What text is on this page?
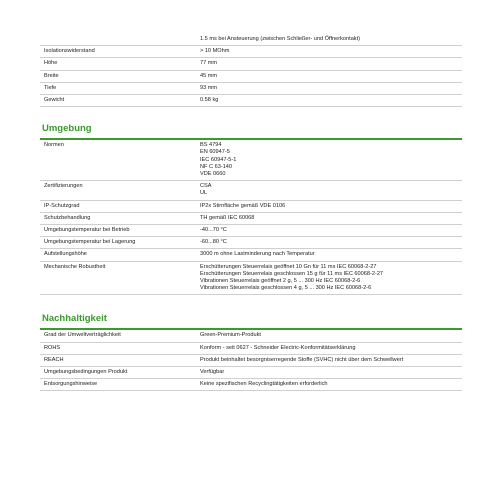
1.5 ms bei Ansteuerung (zwischen Schließer- und Öffnerkontakt)
Isolationswiderstand	> 10 MOhm
Höhe	77 mm
Breite	45 mm
Tiefe	93 mm
Gewicht	0.58 kg
Umgebung
Normen	BS 4794
EN 60947-5
IEC 60947-5-1
NF C 63-140
VDE 0660
Zertifizierungen	CSA
UL
IP-Schutzgrad	IP2x Stirnfläche gemäß VDE 0106
Schutzbehandlung	TH gemäß IEC 60068
Umgebungstemperatur bei Betrieb	-40...70 °C
Umgebungstemperatur bei Lagerung	-60...80 °C
Aufstellungshöhe	3000 m ohne Lastminderung nach Temperatur
Mechanische Robustheit	Erschütterungen Steuerrelais geöffnet 10 Gn für 11 ms IEC 60068-2-27
Erschütterungen Steuerrelais geschlossen 15 g für 11 ms IEC 60068-2-27
Vibrationen Steuerrelais geöffnet 2 g, 5 ... 300 Hz IEC 60068-2-6
Vibrationen Steuerrelais geschlossen 4 g, 5 ... 300 Hz IEC 60068-2-6
Nachhaltigkeit
Grad der Umweltverträglichkeit	Green-Premium-Produkt
ROHS	Konform - seit 0627 - Schneider Electric-Konformitätserklärung
REACH	Produkt beinhaltet besorgniserregende Stoffe (SVHC) nicht über dem Schwellwert
Umgebungsbedingungen Produkt	Verfügbar
Entsorgungshinweise	Keine spezifischen Recyclingtätigkeiten erforderlich
